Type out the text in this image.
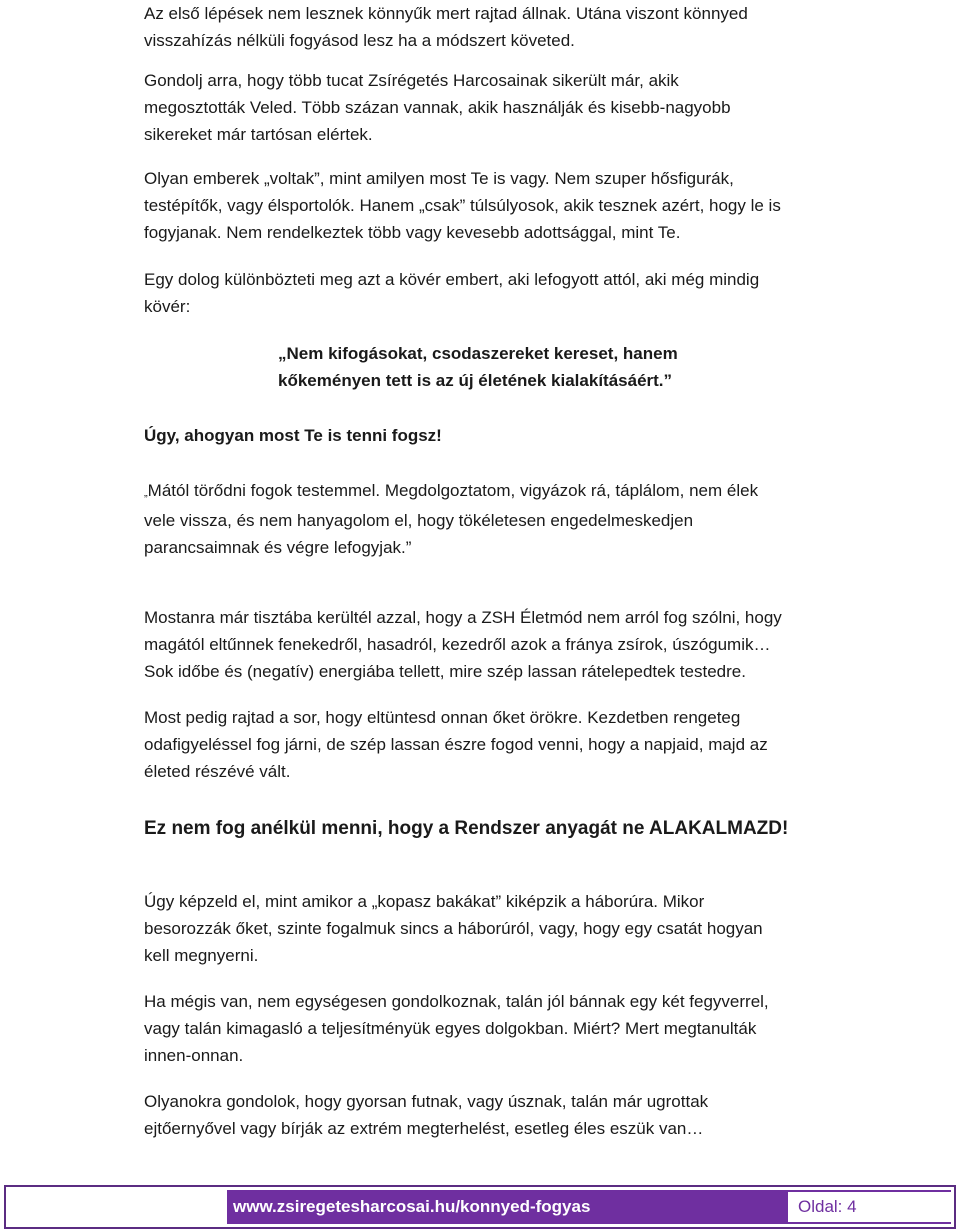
Az első lépések nem lesznek könnyűk mert rajtad állnak. Utána viszont könnyed
visszahízás nélküli fogyásod lesz ha a módszert követed.

Gondolj arra, hogy több tucat Zsírégetés Harcosainak sikerült már, akik
megosztották Veled. Több százan vannak, akik használják és kisebb-nagyobb
sikereket már tartósan elértek.

Olyan emberek „voltak”, mint amilyen most Te is vagy. Nem szuper hősfigurák,
testépítők, vagy élsportolók. Hanem „csak” túlsúlyosok, akik tesznek azért, hogy le is
fogyjanak. Nem rendelkeztek több vagy kevesebb adottsággal, mint Te.

Egy dolog különbözteti meg azt a kövér embert, aki lefogyott attól, aki még mindig
kövér:

„Nem kifogásokat, csodaszereket kereset, hanem
kőkeményen tett is az új életének kialakításáért.”

Úgy, ahogyan most Te is tenni fogsz!

„Mától törődni fogok testemmel. Megdolgoztatom, vigyázok rá, táplálom, nem élek
vele vissza, és nem hanyagolom el, hogy tökéletesen engedelmeskedjen
parancsaimnak és végre lefogyjak.”

Mostanra már tisztába kerültél azzal, hogy a ZSH Életmód nem arról fog szólni, hogy
magától eltűnnek fenekedről, hasadról, kezedről azok a fránya zsírok, úszógumik…
Sok időbe és (negatív) energiába tellett, mire szép lassan rátelepedtek testedre.

Most pedig rajtad a sor, hogy eltüntesd onnan őket örökre. Kezdetben rengeteg
odafigyeléssel fog járni, de szép lassan észre fogod venni, hogy a napjaid, majd az
életed részévé vált.

Ez nem fog anélkül menni, hogy a Rendszer anyagát ne ALAKALMAZD!

Úgy képzeld el, mint amikor a „kopasz bakákat” kiképzik a háborúra. Mikor
besorozzák őket, szinte fogalmuk sincs a háborúról, vagy, hogy egy csatát hogyan
kell megnyerni.

Ha mégis van, nem egységesen gondolkoznak, talán jól bánnak egy két fegyverrel,
vagy talán kimagasló a teljesítményük egyes dolgokban. Miért? Mert megtanulták
innen-onnan.

Olyanokra gondolok, hogy gyorsan futnak, vagy úsznak, talán már ugrottak
ejtőernyővel vagy bírják az extrém megterhelést, esetleg éles eszük van…

www.zsiregetesharcosai.hu/konnyed-fogyas	Oldal: 4
